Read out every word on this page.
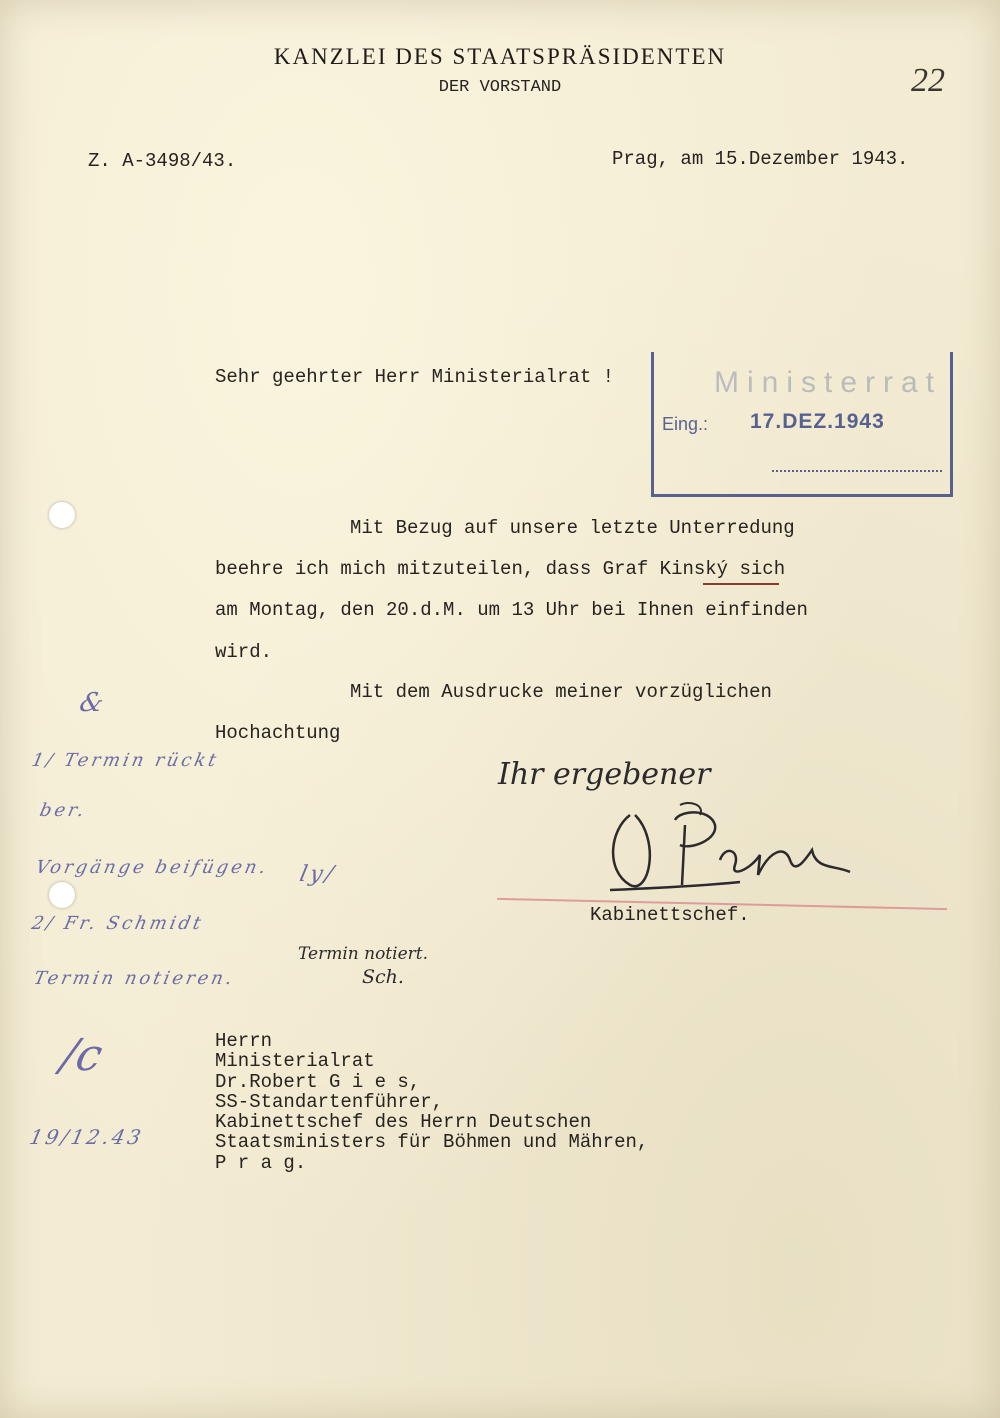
KANZLEI DES STAATSPRÄSIDENTEN
DER VORSTAND	22
Z. A-3498/43.	Prag, am 15.Dezember 1943.
Sehr geehrter Herr Ministerialrat !	Ministerrat
Eing.: 17.DEZ.1943
Mit Bezug auf unsere letzte Unterredung
beehre ich mich mitzuteilen, dass Graf Kinský sich
am Montag, den 20.d.M. um 13 Uhr bei Ihnen einfinden
wird.
Mit dem Ausdrucke meiner vorzüglichen
Hochachtung
Ihr ergebener
Kabinettschef.
&
1/ Termin rückt
ber.
Vorgänge beifügen. ly/
2/ Fr. Schmidt
Termin notieren.
Termin notiert.
Sch.
/c
19/12.43
Herrn
Ministerialrat
Dr.Robert G i e s,
SS-Standartenführer,
Kabinettschef des Herrn Deutschen
Staatsministers für Böhmen und Mähren,
P r a g.
